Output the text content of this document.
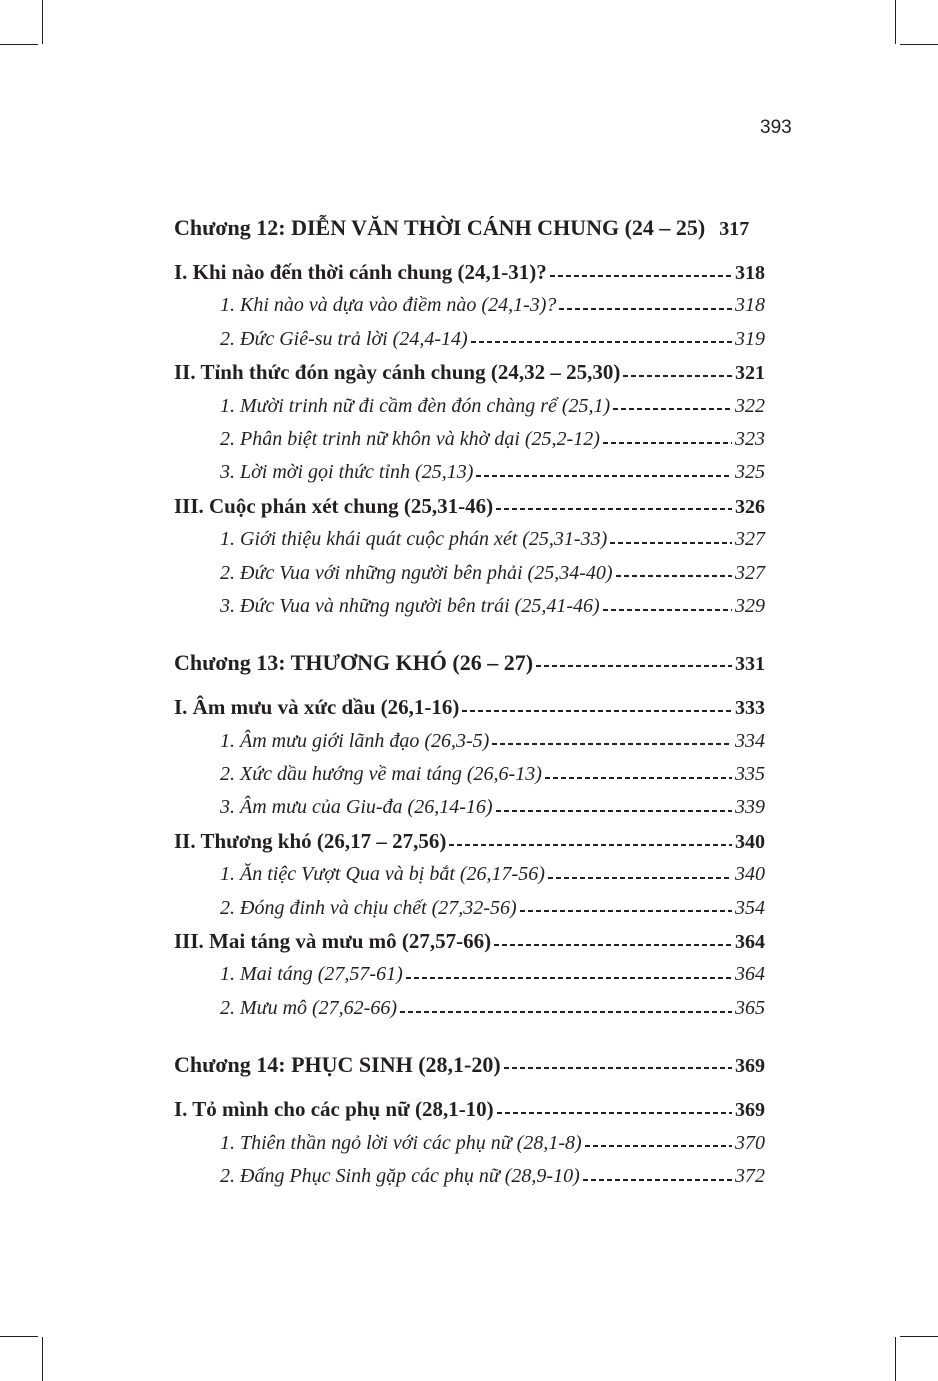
393
Chương 12: DIỄN VĂN THỜI CÁNH CHUNG (24 – 25) 317
I. Khi nào đến thời cánh chung (24,1-31)?	318
1. Khi nào và dựa vào điềm nào (24,1-3)?	318
2. Đức Giê-su trả lời (24,4-14)	319
II. Tỉnh thức đón ngày cánh chung (24,32 – 25,30)	321
1. Mười trinh nữ đi cầm đèn đón chàng rể (25,1)	322
2. Phân biệt trinh nữ khôn và khờ dại (25,2-12)	323
3. Lời mời gọi thức tỉnh (25,13)	325
III. Cuộc phán xét chung (25,31-46)	326
1. Giới thiệu khái quát cuộc phán xét (25,31-33)	327
2. Đức Vua với những người bên phải (25,34-40)	327
3. Đức Vua và những người bên trái (25,41-46)	329
Chương 13: THƯƠNG KHÓ (26 – 27)	331
I. Âm mưu và xức dầu (26,1-16)	333
1. Âm mưu giới lãnh đạo (26,3-5)	334
2. Xức dầu hướng về mai táng (26,6-13)	335
3. Âm mưu của Giu-đa (26,14-16)	339
II. Thương khó (26,17 – 27,56)	340
1. Ăn tiệc Vượt Qua và bị bắt (26,17-56)	340
2. Đóng đinh và chịu chết (27,32-56)	354
III. Mai táng và mưu mô (27,57-66)	364
1. Mai táng (27,57-61)	364
2. Mưu mô (27,62-66)	365
Chương 14: PHỤC SINH (28,1-20)	369
I. Tỏ mình cho các phụ nữ (28,1-10)	369
1. Thiên thần ngỏ lời với các phụ nữ (28,1-8)	370
2. Đấng Phục Sinh gặp các phụ nữ (28,9-10)	372
